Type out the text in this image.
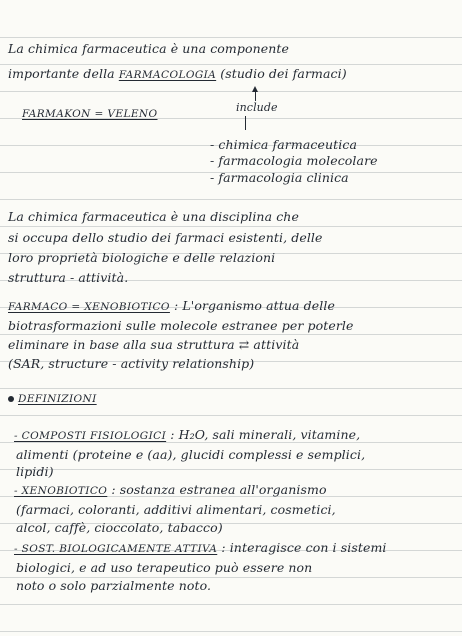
La chimica farmaceutica è una componente
importante della FARMACOLOGIA (studio dei farmaci)
FARMAKON = VELENO	include
- chimica farmaceutica
- farmacologia molecolare
- farmacologia clinica
La chimica farmaceutica è una disciplina che
si occupa dello studio dei farmaci esistenti, delle
loro proprietà biologiche e delle relazioni
struttura - attività.
FARMACO = XENOBIOTICO : L'organismo attua delle
biotrasformazioni sulle molecole estranee per poterle
eliminare in base alla sua struttura ⇄ attività
(SAR, structure - activity relationship)
DEFINIZIONI
- COMPOSTI FISIOLOGICI : H₂O, sali minerali, vitamine,
alimenti (proteine e (aa), glucidi complessi e semplici,
lipidi)
- XENOBIOTICO : sostanza estranea all'organismo
(farmaci, coloranti, additivi alimentari, cosmetici,
alcol, caffè, cioccolato, tabacco)
- SOST. BIOLOGICAMENTE ATTIVA : interagisce con i sistemi
biologici, e ad uso terapeutico può essere non
noto o solo parzialmente noto.
